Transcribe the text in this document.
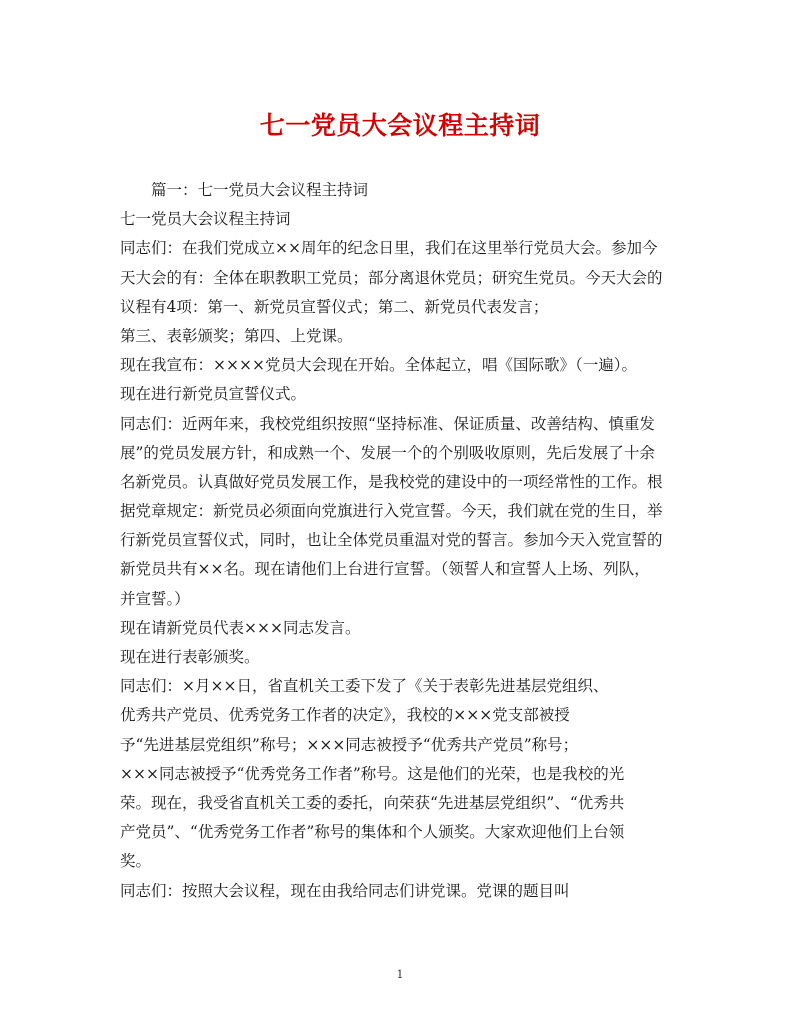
七一党员大会议程主持词
篇一：七一党员大会议程主持词
七一党员大会议程主持词
同志们：在我们党成立××周年的纪念日里，我们在这里举行党员大会。参加今
天大会的有：全体在职教职工党员；部分离退休党员；研究生党员。今天大会的
议程有4项：第一、新党员宣誓仪式；第二、新党员代表发言；
第三、表彰颁奖；第四、上党课。
现在我宣布：××××党员大会现在开始。全体起立，唱《国际歌》（一遍）。
现在进行新党员宣誓仪式。
同志们：近两年来，我校党组织按照“坚持标准、保证质量、改善结构、慎重发
展”的党员发展方针，和成熟一个、发展一个的个别吸收原则，先后发展了十余
名新党员。认真做好党员发展工作，是我校党的建设中的一项经常性的工作。根
据党章规定：新党员必须面向党旗进行入党宣誓。今天，我们就在党的生日，举
行新党员宣誓仪式，同时，也让全体党员重温对党的誓言。参加今天入党宣誓的
新党员共有××名。现在请他们上台进行宣誓。（领誓人和宣誓人上场、列队，
并宣誓。）
现在请新党员代表×××同志发言。
现在进行表彰颁奖。
同志们：×月××日，省直机关工委下发了《关于表彰先进基层党组织、
优秀共产党员、优秀党务工作者的决定》，我校的×××党支部被授
予“先进基层党组织”称号；×××同志被授予“优秀共产党员”称号；
×××同志被授予“优秀党务工作者”称号。这是他们的光荣，也是我校的光
荣。现在，我受省直机关工委的委托，向荣获“先进基层党组织”、“优秀共
产党员”、“优秀党务工作者”称号的集体和个人颁奖。大家欢迎他们上台领
奖。
同志们：按照大会议程，现在由我给同志们讲党课。党课的题目叫
1
